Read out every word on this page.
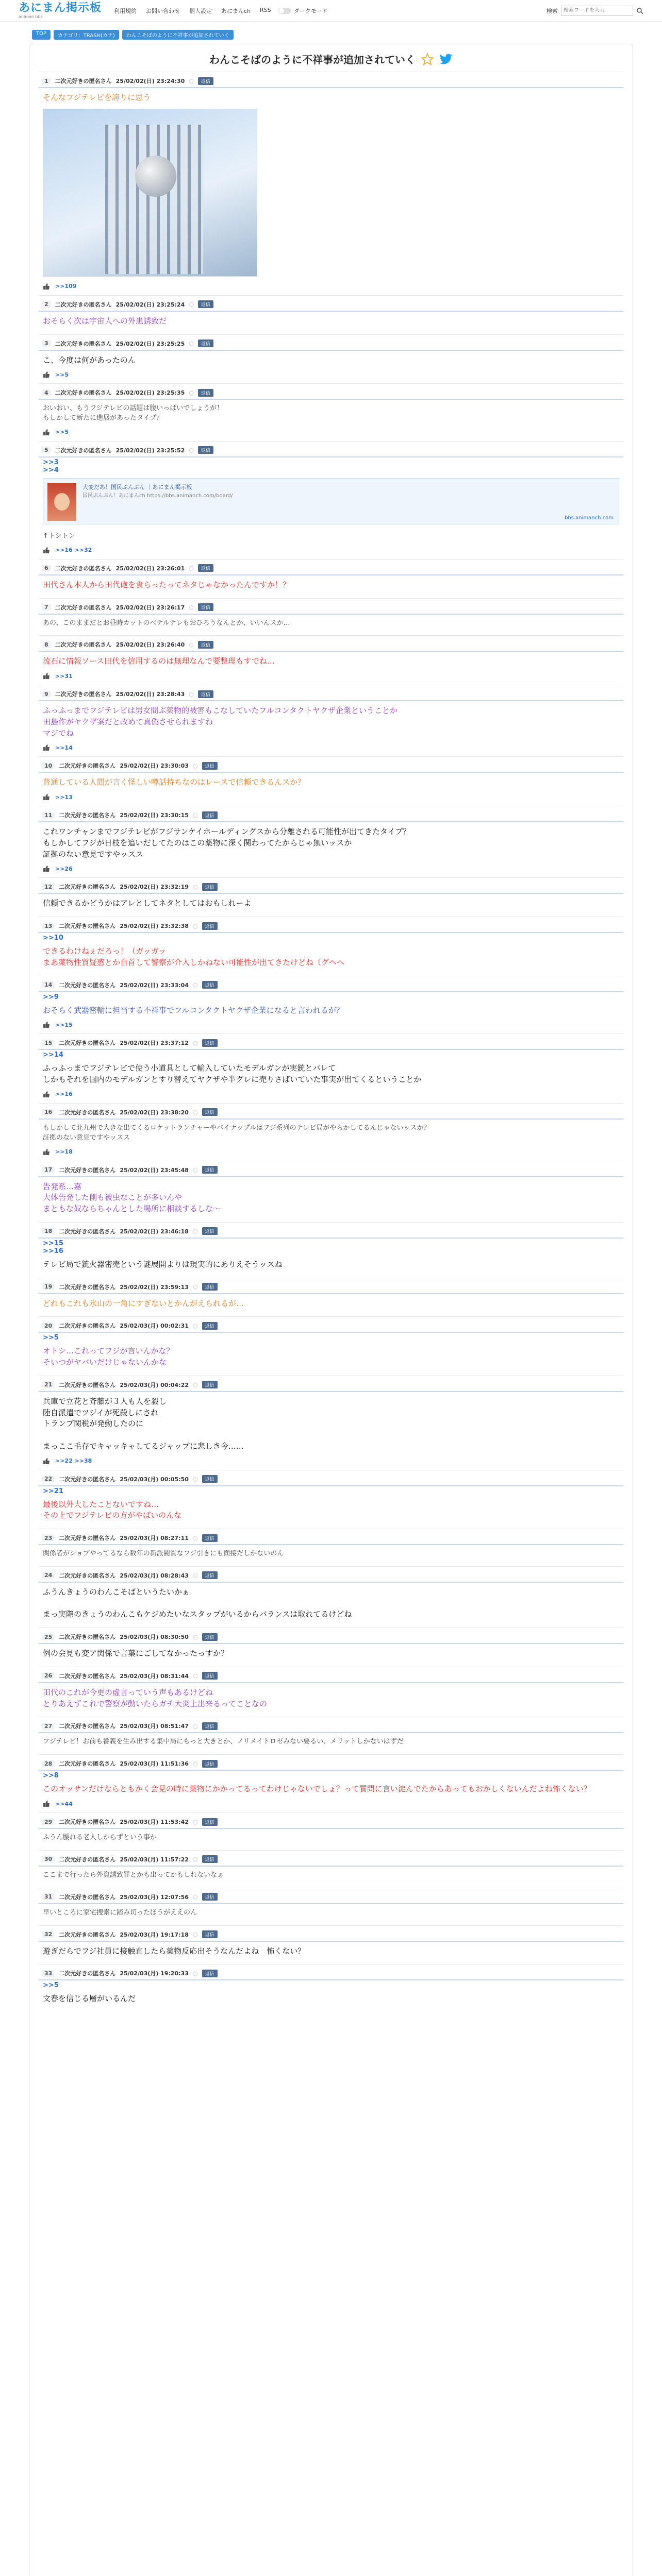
あにまん掲示板
animan bbs
利用規約 お問い合わせ 個人設定 あにまんch RSS	ダークモード	検索
検索ワードを入力
TOP	カテゴリ：TRASH(カテ)	わんこそばのように不祥事が追加されていく
わんこそばのように不祥事が追加されていく
1	二次元好きの匿名さん 25/02/02(日) 23:24:30 ○	返信
そんなフジテレビを誇りに思う
>>109
2	二次元好きの匿名さん 25/02/02(日) 23:25:24 ○	返信
おそらく次は宇宙人への外患誘致だ
3	二次元好きの匿名さん 25/02/02(日) 23:25:25 ○	返信
こ、今度は何があったのん
>>5
4	二次元好きの匿名さん 25/02/02(日) 23:25:35 ○	返信
おいおい、もうフジテレビの話題は腹いっぱいでしょうが！
もしかして新たに進展があったタイプ？
>>5
5	二次元好きの匿名さん 25/02/02(日) 23:25:52 ○	返信
>>3
>>4
大変だあ！国民ぷんぷん ｜あにまん掲示板
国民ぷんぷん！あにまんch https://bbs.animanch.com/board/
bbs.animanch.com
↑トシトン
>>16 >>32
6	二次元好きの匿名さん 25/02/02(日) 23:26:01 ○	返信
田代さん本人から田代砲を食らったってネタじゃなかったんですか！？
7	二次元好きの匿名さん 25/02/02(日) 23:26:17 ○	返信
あの、このままだとお昼時カットのベテルテレもおひろうなんとか、いいんスか…
8	二次元好きの匿名さん 25/02/02(日) 23:26:40 ○	返信
流石に情報ソース田代を信用するのは無理なんで要整理もすでね…
>>31
9	二次元好きの匿名さん 25/02/02(日) 23:28:43 ○	返信
ふっふっまでフジテレビは男女間ぶ薬物的被害もこなしていたフルコンタクトヤクザ企業ということか
田島作がヤクザ案だと改めて真偽させられますね
マジでね
>>14
10	二次元好きの匿名さん 25/02/02(日) 23:30:03 ○	返信
普通している人間が言く怪しい噂話持ちなのはレースで信頼できるんスか？
>>13
11	二次元好きの匿名さん 25/02/02(日) 23:30:15 ○	返信
これワンチャンまでフジテレビがフジサンケイホールディングスから分離される可能性が出てきたタイプ？
もしかしてフジが日枝を追いだしてたのはこの薬物に深く関わってたからじゃ無いッスか
証拠のない意見ですやッスス
>>26
12	二次元好きの匿名さん 25/02/02(日) 23:32:19 ○	返信
信頼できるかどうかはアレとしてネタとしてはおもしれーよ
13	二次元好きの匿名さん 25/02/02(日) 23:32:38 ○	返信
>>10
できるわけねぇだろっ！（ガッガッ
まあ薬物性質疑惑とか自首して警察が介入しかねない可能性が出てきたけどね（グヘヘ
14	二次元好きの匿名さん 25/02/02(日) 23:33:04 ○	返信
>>9
おそらく武器密輸に担当する不祥事でフルコンタクトヤクザ企業になると言われるが？
>>15
15	二次元好きの匿名さん 25/02/02(日) 23:37:12 ○	返信
>>14
ふっふっまでフジテレビで使う小道具として輸入していたモデルガンが実銃とバレて
しかもそれを国内のモデルガンとすり替えてヤクザや半グレに売りさばいていた事実が出てくるということか
>>16
16	二次元好きの匿名さん 25/02/02(日) 23:38:20 ○	返信
もしかして北九州で大きな出てくるロケットランチャーやパイナップルはフジ系列のテレビ局がやらかしてるんじゃないッスか？
証拠のない意見ですやッスス
>>18
17	二次元好きの匿名さん 25/02/02(日) 23:45:48 ○	返信
告発系…嘉
大体告発した側も被虫なことが多いんや
まともな奴ならちゃんとした場所に相談するしな～
18	二次元好きの匿名さん 25/02/02(日) 23:46:18 ○	返信
>>15
>>16
テレビ局で銃火器密売という謎展開よりは現実的にありえそうッスね
19	二次元好きの匿名さん 25/02/02(日) 23:59:13 ○	返信
どれもこれも氷山の一角にすぎないとかんがえられるが…
20	二次元好きの匿名さん 25/02/03(月) 00:02:31 ○	返信
>>5
オトシ…これってフジが言いんかな？
そいつがヤバいだけじゃないんかな
21	二次元好きの匿名さん 25/02/03(月) 00:04:22 ○	返信
兵庫で立花と斉藤が３人も人を殺し
陸自派遣でツジイが死殺しにされ
トランプ関税が発動したのに

まっここ毛存でキャッキャしてるジャップに悲しき今……
>>22 >>38
22	二次元好きの匿名さん 25/02/03(月) 00:05:50 ○	返信
>>21
最後以外大したことないですね…
その上でフジテレビの方がやばいのんな
23	二次元好きの匿名さん 25/02/03(月) 08:27:11 ○	返信
関係者がショプやってるなら数年の新派閥質なフジ引きにも面接だしかないのん
24	二次元好きの匿名さん 25/02/03(月) 08:28:43 ○	返信
ふうんきょうのわんこそばというたいかぁ

まっ実際のきょうのわんこもケジめたいなスタップがいるからバランスは取れてるけどね
25	二次元好きの匿名さん 25/02/03(月) 08:30:50 ○	返信
例の会見も変ア関係で言葉にごしてなかったっすか？
26	二次元好きの匿名さん 25/02/03(月) 08:31:44 ○	返信
田代のこれが今更の虚言っていう声もあるけどね
とりあえずこれで警察が動いたらガチ大炎上出来るってことなの
27	二次元好きの匿名さん 25/02/03(月) 08:51:47 ○	返信
フジテレビ！お前も番義を生み出する集中局にもっと大きとか、ノリメイトロゼみない要るい、メリットしかないはずだ
28	二次元好きの匿名さん 25/02/03(月) 11:51:36 ○	返信
>>8
このオッサンだけならともかく会見の時に薬物にかかってるってわけじゃないでしょ？って質問に言い淀んでたからあってもおかしくないんだよね怖くない？
>>44
29	二次元好きの匿名さん 25/02/03(月) 11:53:42 ○	返信
ふうん腰れる老人しからずという事か
30	二次元好きの匿名さん 25/02/03(月) 11:57:22 ○	返信
ここまで行ったら外資誘致罪とかも出ってかもしれないなぁ
31	二次元好きの匿名さん 25/02/03(月) 12:07:56 ○	返信
早いところに家宅捜索に踏み切ったほうがええのん
32	二次元好きの匿名さん 25/02/03(月) 19:17:18 ○	返信
遊ぎだらでフジ社員に接触直したら薬物反応出そうなんだよね　怖くない？
33	二次元好きの匿名さん 25/02/03(月) 19:20:33 ○	返信
>>5
文春を信じる層がいるんだ
